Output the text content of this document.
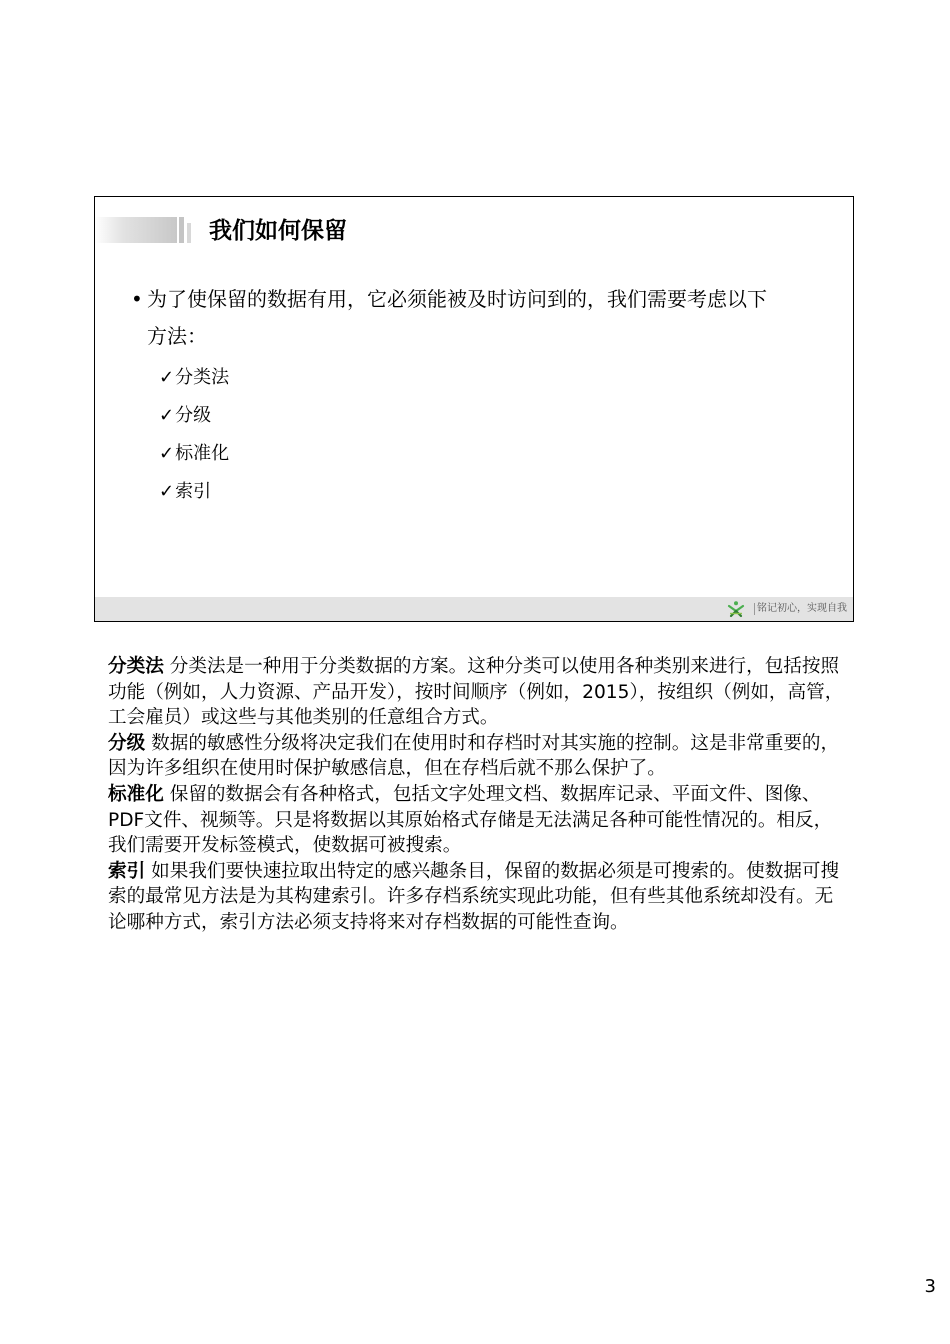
我们如何保留
• 为了使保留的数据有用，它必须能被及时访问到的，我们需要考虑以下方法：
✓分类法
✓分级
✓标准化
✓索引
铭记初心，实现自我

分类法 分类法是一种用于分类数据的方案。这种分类可以使用各种类别来进行，包括按照功能（例如，人力资源、产品开发），按时间顺序（例如，2015），按组织（例如，高管，工会雇员）或这些与其他类别的任意组合方式。

分级 数据的敏感性分级将决定我们在使用时和存档时对其实施的控制。这是非常重要的，因为许多组织在使用时保护敏感信息，但在存档后就不那么保护了。

标准化 保留的数据会有各种格式，包括文字处理文档、数据库记录、平面文件、图像、PDF文件、视频等。只是将数据以其原始格式存储是无法满足各种可能性情况的。相反，我们需要开发标签模式，使数据可被搜索。

索引 如果我们要快速拉取出特定的感兴趣条目，保留的数据必须是可搜索的。使数据可搜索的最常见方法是为其构建索引。许多存档系统实现此功能，但有些其他系统却没有。无论哪种方式，索引方法必须支持将来对存档数据的可能性查询。

3
